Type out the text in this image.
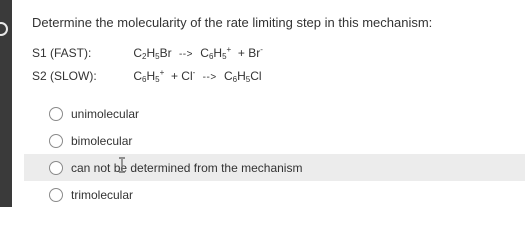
Determine the molecularity of the rate limiting step in this mechanism:
S1 (FAST):	$C_2H_5Br$ --> $C_6H_5^+ + Br^-$
S2 (SLOW):	$C_6H_5^+ + Cl^-$ --> $C_6H_5Cl$
unimolecular
bimolecular
can not be determined from the mechanism
trimolecular
